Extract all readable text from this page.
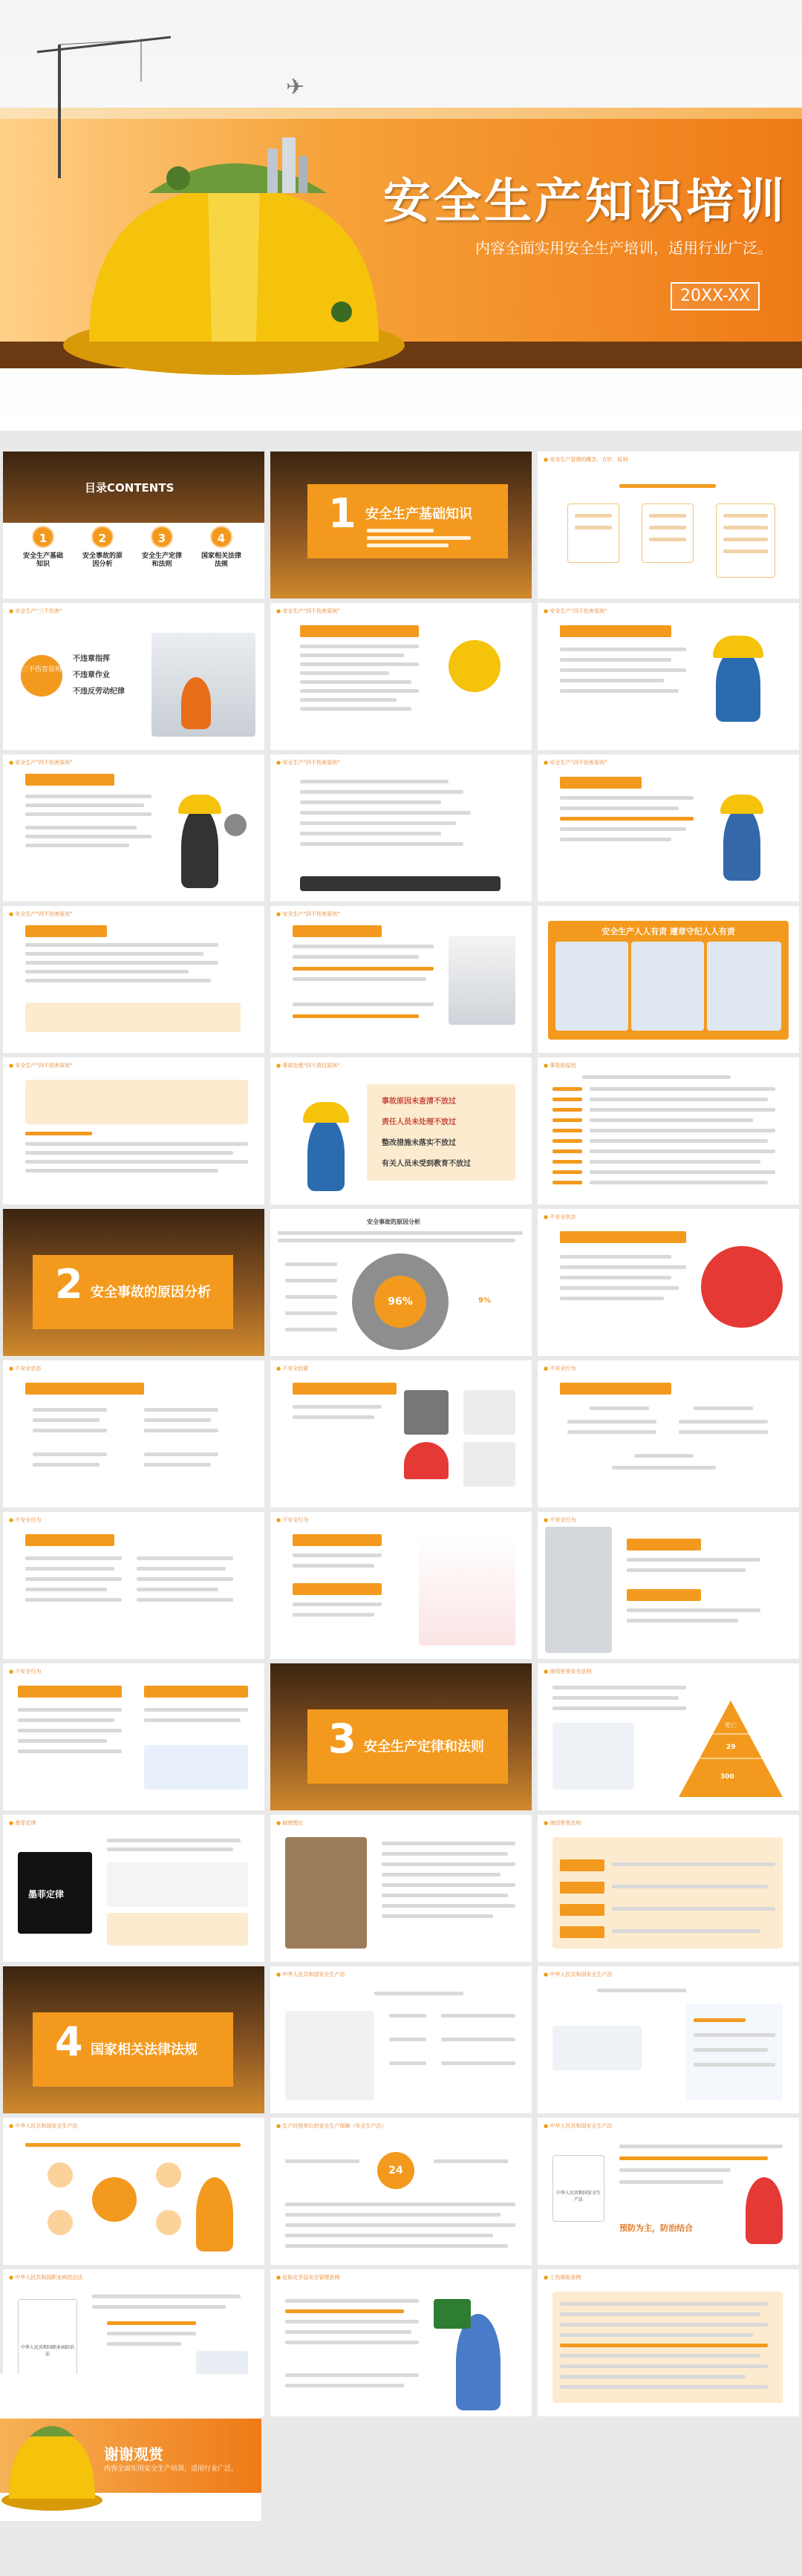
✈
安全生产知识培训
内容全面实用安全生产培训，适用行业广泛。
20XX-XX
目录CONTENTS
1
安全生产基础知识
2
安全事故的原因分析
3
安全生产定律和法则
4
国家相关法律法规
1 安全生产基础知识
● 安全生产管理的概念、方针、原则
● 安全生产“三不伤害”
三不伤害原则
不违章指挥
不违章作业
不违反劳动纪律
● 安全生产“四不伤害原则”	● 安全生产“四不伤害原则”
● 安全生产“四不伤害原则”	● 安全生产“四不伤害原则”	● 安全生产“四不伤害原则”
● 安全生产“四不伤害原则”	● 安全生产“四不伤害原则”
安全生产人人有责 遵章守纪人人有责
● 安全生产“四不伤害原则”	● 事故处理“四不放过原则”
事故原因未查清不放过
责任人员未处理不放过
整改措施未落实不放过
有关人员未受到教育不放过
● 事故的原因
2 安全事故的原因分析
安全事故的原因分析
96%	9%
● 不安全状态
● 不安全状态	● 不安全因素	● 不安全行为
● 不安全行为	● 不安全行为	● 不安全行为
● 不安全行为
3 安全生产定律和法则
● 海因里希安全法则
死亡
29
300
● 墨菲定律
墨菲定律
● 破窗理论	● 海因里希法则
4 国家相关法律法规
● 中华人民共和国安全生产法	● 中华人民共和国安全生产法
● 中华人民共和国安全生产法	● 生产经营单位的安全生产保障（安全生产法）
24
● 中华人民共和国安全生产法
中华人民共和国安全生产法
预防为主，防治结合
● 中华人民共和国职业病防治法
中华人民共和国职业病防治法
● 危险化学品安全管理条例	● 工伤保险条例
谢谢观赏
内容全面实用安全生产培训，适用行业广泛。
